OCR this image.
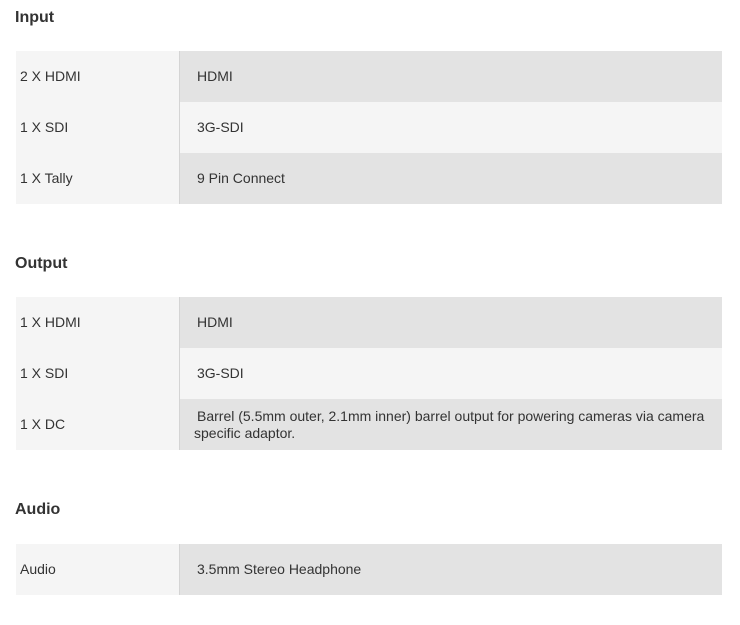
Input
2 X HDMI	HDMI
1 X SDI	3G-SDI
1 X Tally	9 Pin Connect
Output
1 X HDMI	HDMI
1 X SDI	3G-SDI
1 X DC	Barrel (5.5mm outer, 2.1mm inner) barrel output for powering cameras via camera specific adaptor.
Audio
Audio	3.5mm Stereo Headphone
